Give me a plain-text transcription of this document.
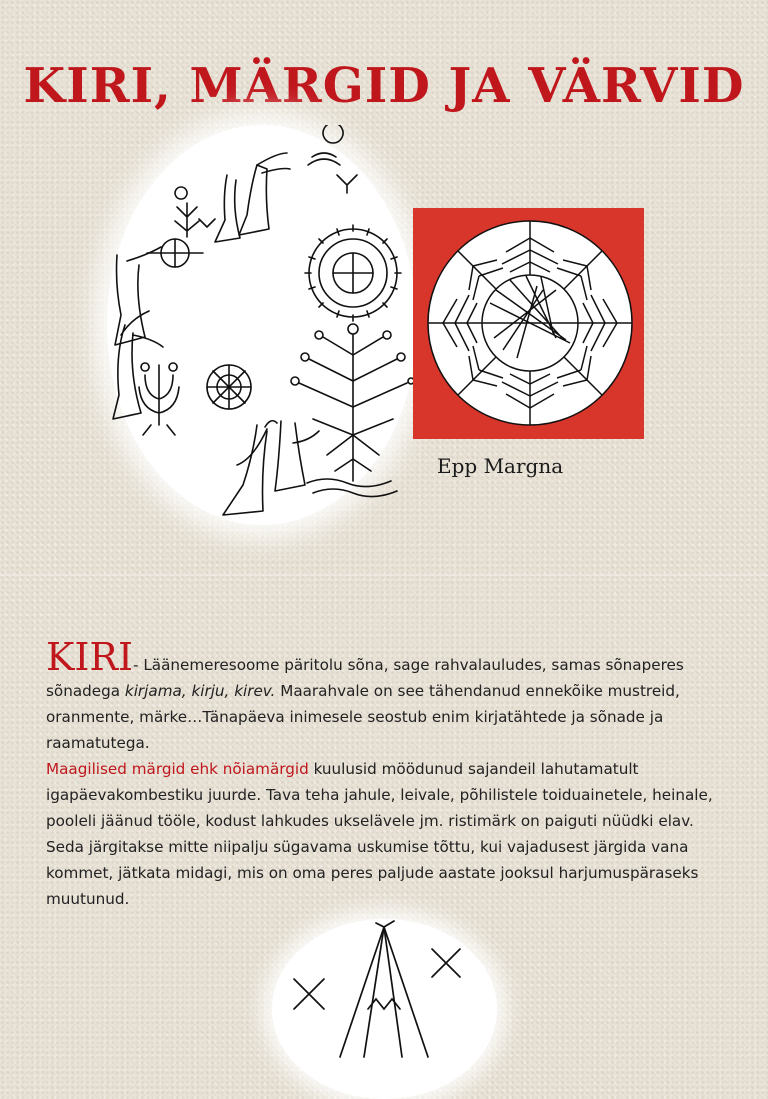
KIRI, MÄRGID JA VÄRVID
Epp Margna

KIRI- Läänemeresoome päritolu sõna, sage rahvalauludes, samas sõnaperes sõnadega kirjama, kirju, kirev. Maarahvale on see tähendanud ennekõike mustreid, oranmente, märke…Tänapäeva inimesele seostub enim kirjatähtede ja sõnade ja raamatutega.

Maagilised märgid ehk nõiamärgid kuulusid möödunud sajandeil lahutamatult igapäevakombestiku juurde. Tava teha jahule, leivale, põhilistele toiduainetele, heinale, pooleli jäänud tööle, kodust lahkudes ukselävele jm. ristimärk on paiguti nüüdki elav. Seda järgitakse mitte niipalju sügavama uskumise tõttu, kui vajadusest järgida vana kommet, jätkata midagi, mis on oma peres paljude aastate jooksul harjumuspäraseks muutunud.
